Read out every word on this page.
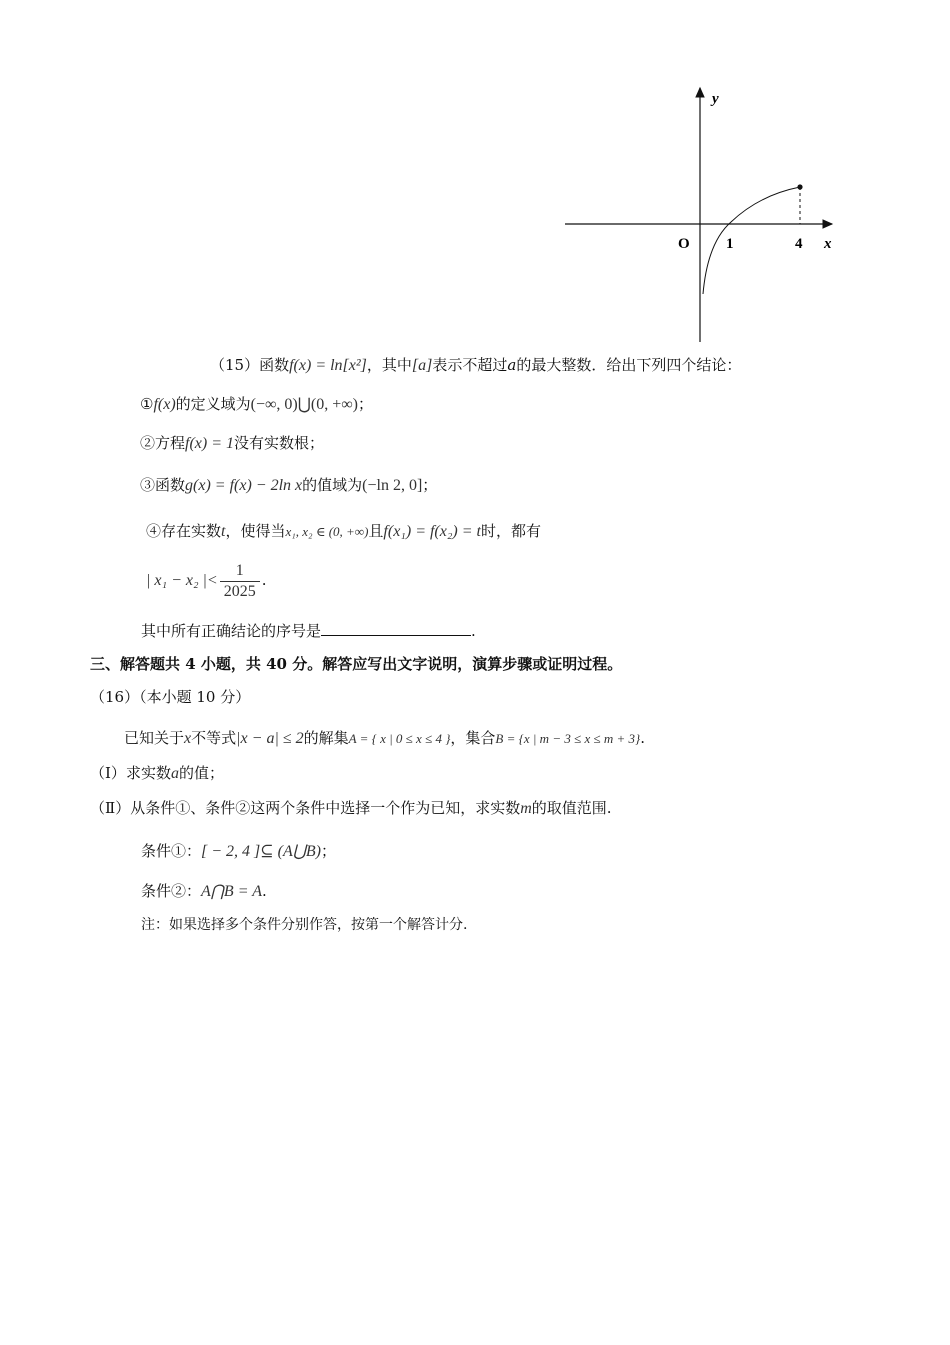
y
x
O 1	4
（15）函数f(x) = ln[x²]，其中[a]表示不超过a的最大整数．给出下列四个结论：
①f(x)的定义域为(−∞, 0)⋃(0, +∞)；
②方程f(x) = 1没有实数根；
③函数g(x) = f(x) − 2ln x的值域为(−ln 2, 0]；
④存在实数t，使得当x₁, x₂ ∈ (0, +∞)且f(x₁) = f(x₂) = t时，都有
| x₁ − x₂ |< $\frac{1}{2025}$ .
其中所有正确结论的序号是	.
三、解答题共 4 小题，共 40 分。解答应写出文字说明，演算步骤或证明过程。
（16）（本小题 10 分）
已知关于x不等式|x − a| ≤ 2的解集A = { x | 0 ≤ x ≤ 4 }，集合B = {x | m − 3 ≤ x ≤ m + 3}.
（Ⅰ）求实数a的值；
（Ⅱ）从条件①、条件②这两个条件中选择一个作为已知，求实数m的取值范围.
条件①：[ − 2, 4 ]⊆ (A⋃B)；
条件②：A⋂B = A.
注：如果选择多个条件分别作答，按第一个解答计分.
